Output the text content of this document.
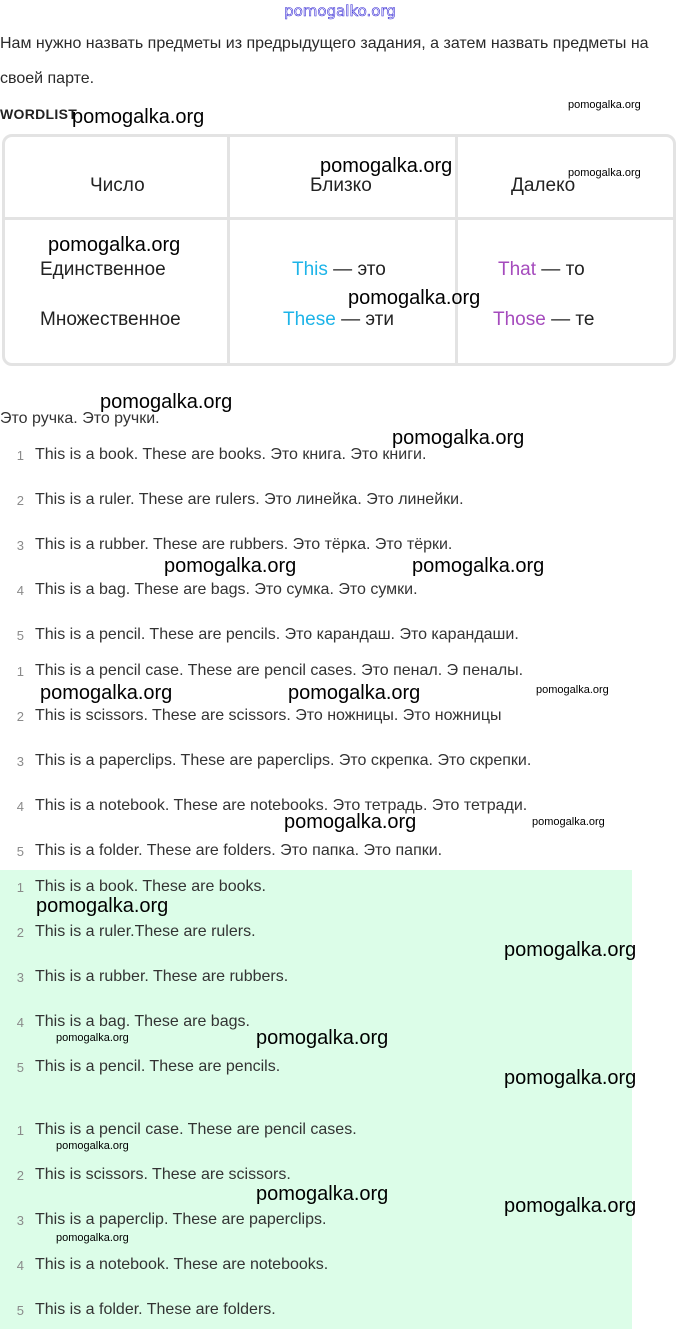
pomogalko.org
Нам нужно назвать предметы из предрыдущего задания, а затем назвать предметы на своей парте.
WORDLIST
Число	Близко	Далеко
Единственное	This — это	That — то
Множественное	These — эти	Those — те
Это ручка. Это ручки.
1 This is a book. These are books. Это книга. Это книги.
2 This is a ruler. These are rulers. Это линейка. Это линейки.
3 This is a rubber. These are rubbers. Это тёрка. Это тёрки.
4 This is a bag. These are bags. Это сумка. Это сумки.
5 This is a pencil. These are pencils. Это карандаш. Это карандаши.
1 This is a pencil case. These are pencil cases. Это пенал. Э пеналы.
2 This is scissors. These are scissors. Это ножницы. Это ножницы
3 This is a paperclips. These are paperclips. Это скрепка. Это скрепки.
4 This is a notebook. These are notebooks. Это тетрадь. Это тетради.
5 This is a folder. These are folders. Это папка. Это папки.
1 This is a book. These are books.
2 This is a ruler.These are rulers.
3 This is a rubber. These are rubbers.
4 This is a bag. These are bags.
5 This is a pencil. These are pencils.
1 This is a pencil case. These are pencil cases.
2 This is scissors. These are scissors.
3 This is a paperclip. These are paperclips.
4 This is a notebook. These are notebooks.
5 This is a folder. These are folders.
pomogalka.org
pomogalka.org
pomogalka.org	pomogalka.org
pomogalka.org
pomogalka.org
pomogalka.org
pomogalka.org
pomogalka.org	pomogalka.org
pomogalka.org	pomogalka.org	pomogalka.org
pomogalka.org	pomogalka.org
pomogalka.org
pomogalka.org
pomogalka.org	pomogalka.org
pomogalka.org
pomogalka.org
pomogalka.org
pomogalka.org
pomogalka.org
